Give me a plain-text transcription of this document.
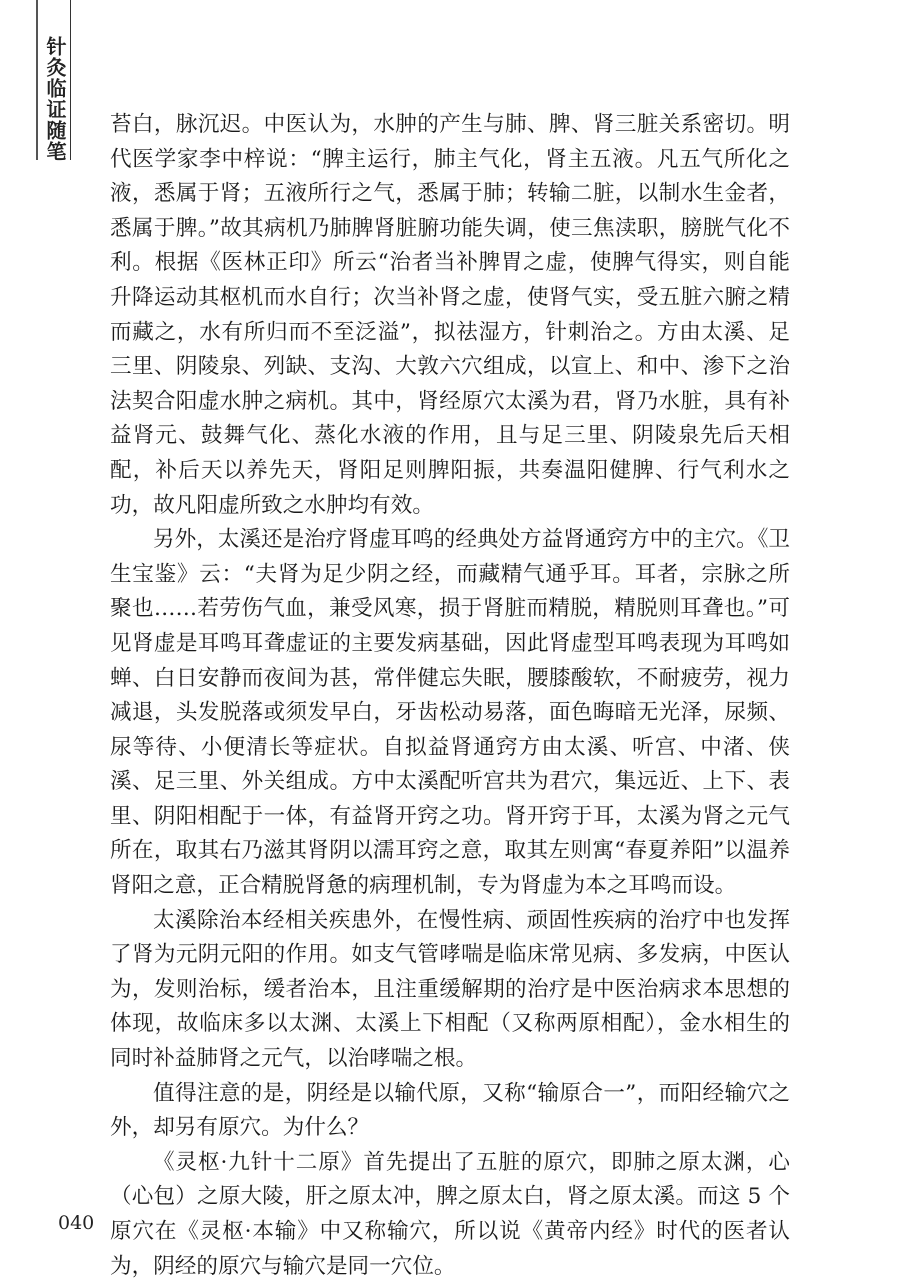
针灸临证随笔 苔白，脉沉迟。中医认为，水肿的产生与肺、脾、肾三脏关系密切。明代医学家李中梓说：“脾主运行，肺主气化，肾主五液。凡五气所化之液，悉属于肾；五液所行之气，悉属于肺；转输二脏，以制水生金者，悉属于脾。”故其病机乃肺脾肾脏腑功能失调，使三焦渎职，膀胱气化不利。根据《医林正印》所云“治者当补脾胃之虚，使脾气得实，则自能升降运动其枢机而水自行；次当补肾之虚，使肾气实，受五脏六腑之精而藏之，水有所归而不至泛溢”，拟祛湿方，针刺治之。方由太溪、足三里、阴陵泉、列缺、支沟、大敦六穴组成，以宣上、和中、渗下之治法契合阳虚水肿之病机。其中，肾经原穴太溪为君，肾乃水脏，具有补益肾元、鼓舞气化、蒸化水液的作用，且与足三里、阴陵泉先后天相配，补后天以养先天，肾阳足则脾阳振，共奏温阳健脾、行气利水之功，故凡阳虚所致之水肿均有效。

另外，太溪还是治疗肾虚耳鸣的经典处方益肾通窍方中的主穴。《卫生宝鉴》云：“夫肾为足少阴之经，而藏精气通乎耳。耳者，宗脉之所聚也……若劳伤气血，兼受风寒，损于肾脏而精脱，精脱则耳聋也。”可见肾虚是耳鸣耳聋虚证的主要发病基础，因此肾虚型耳鸣表现为耳鸣如蝉、白日安静而夜间为甚，常伴健忘失眠，腰膝酸软，不耐疲劳，视力减退，头发脱落或须发早白，牙齿松动易落，面色晦暗无光泽，尿频、尿等待、小便清长等症状。自拟益肾通窍方由太溪、听宫、中渚、侠溪、足三里、外关组成。方中太溪配听宫共为君穴，集远近、上下、表里、阴阳相配于一体，有益肾开窍之功。肾开窍于耳，太溪为肾之元气所在，取其右乃滋其肾阴以濡耳窍之意，取其左则寓“春夏养阳”以温养肾阳之意，正合精脱肾惫的病理机制，专为肾虚为本之耳鸣而设。

太溪除治本经相关疾患外，在慢性病、顽固性疾病的治疗中也发挥了肾为元阴元阳的作用。如支气管哮喘是临床常见病、多发病，中医认为，发则治标，缓者治本，且注重缓解期的治疗是中医治病求本思想的体现，故临床多以太渊、太溪上下相配（又称两原相配），金水相生的同时补益肺肾之元气，以治哮喘之根。

值得注意的是，阴经是以输代原，又称“输原合一”，而阳经输穴之外，却另有原穴。为什么？

《灵枢·九针十二原》首先提出了五脏的原穴，即肺之原太渊，心（心包）之原大陵，肝之原太冲，脾之原太白，肾之原太溪。而这 5 个原穴在《灵枢·本输》中又称输穴，所以说《黄帝内经》时代的医者认为，阴经的原穴与输穴是同一穴位。

040
